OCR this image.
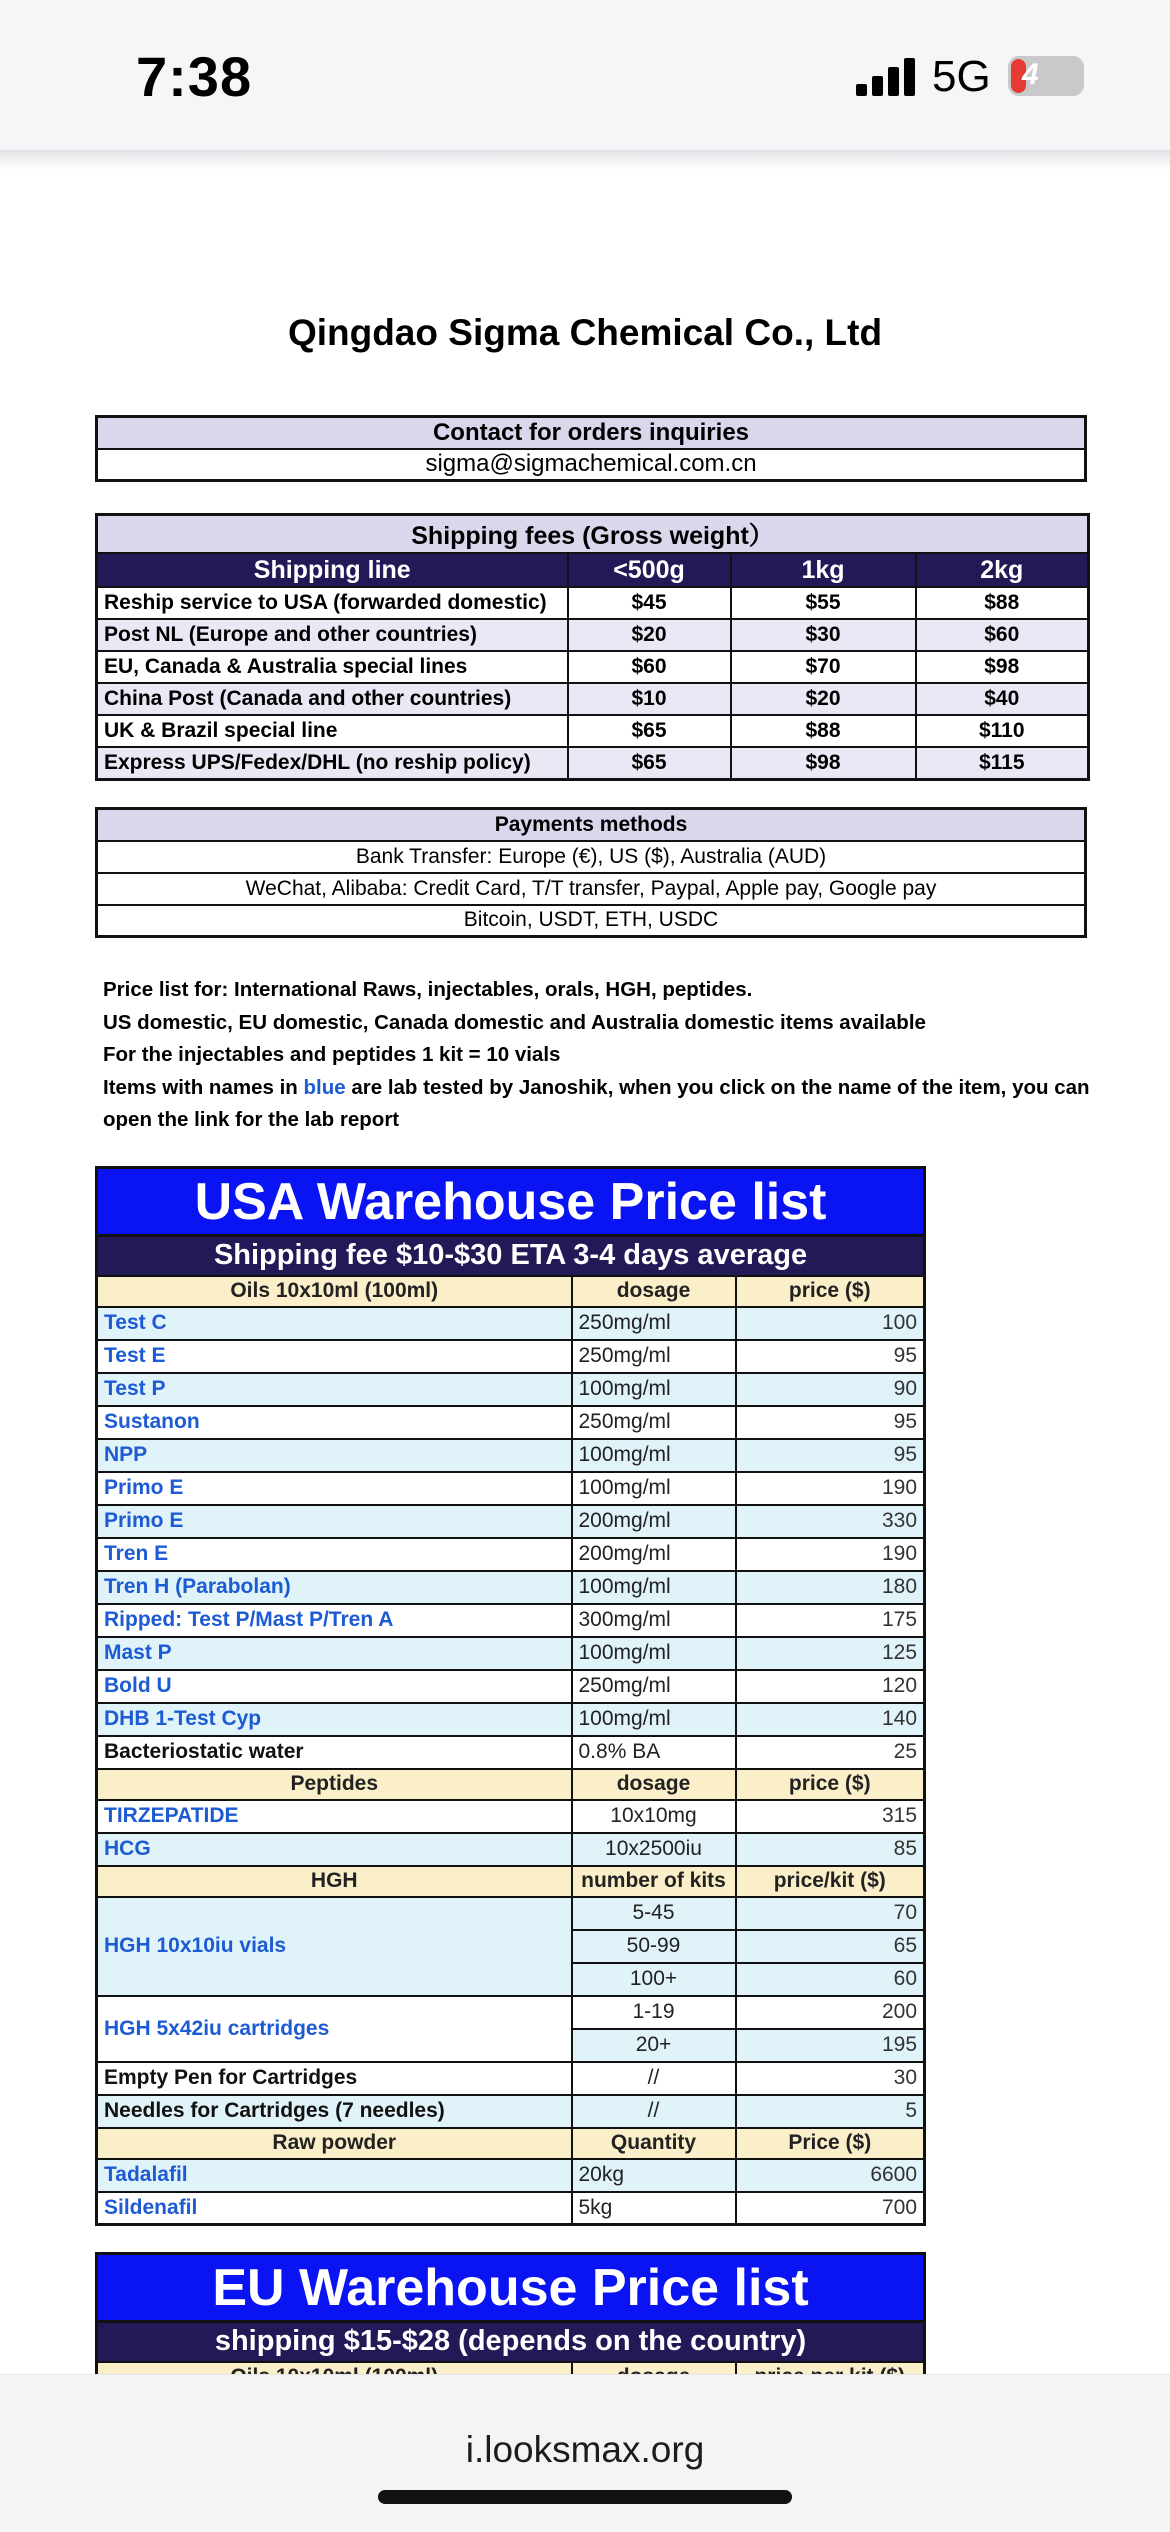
7:38	5G 4
Qingdao Sigma Chemical Co., Ltd
Contact for orders inquiries
sigma@sigmachemical.com.cn
Shipping fees (Gross weight）			
Shipping line	<500g	1kg	2kg
Reship service to USA (forwarded domestic)	$45	$55	$88
Post NL (Europe and other countries)	$20	$30	$60
EU, Canada & Australia special lines	$60	$70	$98
China Post (Canada and other countries)	$10	$20	$40
UK & Brazil special line	$65	$88	$110
Express UPS/Fedex/DHL (no reship policy)	$65	$98	$115
Payments methods
Bank Transfer: Europe (€), US ($), Australia (AUD)
WeChat, Alibaba: Credit Card, T/T transfer, Paypal, Apple pay, Google pay
Bitcoin, USDT, ETH, USDC
Price list for: International Raws, injectables, orals, HGH, peptides.
US domestic, EU domestic, Canada domestic and Australia domestic items available
For the injectables and peptides 1 kit = 10 vials
Items with names in blue are lab tested by Janoshik, when you click on the name of the item, you can open the link for the lab report
USA Warehouse Price list		
Shipping fee $10-$30 ETA 3-4 days average		
Oils 10x10ml (100ml)	dosage	price ($)
Test C	250mg/ml	100
Test E	250mg/ml	95
Test P	100mg/ml	90
Sustanon	250mg/ml	95
NPP	100mg/ml	95
Primo E	100mg/ml	190
Primo E	200mg/ml	330
Tren E	200mg/ml	190
Tren H (Parabolan)	100mg/ml	180
Ripped: Test P/Mast P/Tren A	300mg/ml	175
Mast P	100mg/ml	125
Bold U	250mg/ml	120
DHB 1-Test Cyp	100mg/ml	140
Bacteriostatic water	0.8% BA	25
Peptides	dosage	price ($)
TIRZEPATIDE	10x10mg	315
HCG	10x2500iu	85
HGH	number of kits	price/kit ($)
HGH 10x10iu vials	5-45	70
	50-99	65
	100+	60
HGH 5x42iu cartridges	1-19	200
	20+	195
Empty Pen for Cartridges	//	30
Needles for Cartridges (7 needles)	//	5
Raw powder	Quantity	Price ($)
Tadalafil	20kg	6600
Sildenafil	5kg	700
EU Warehouse Price list
shipping $15-$28 (depends on the country)

i.looksmax.org
